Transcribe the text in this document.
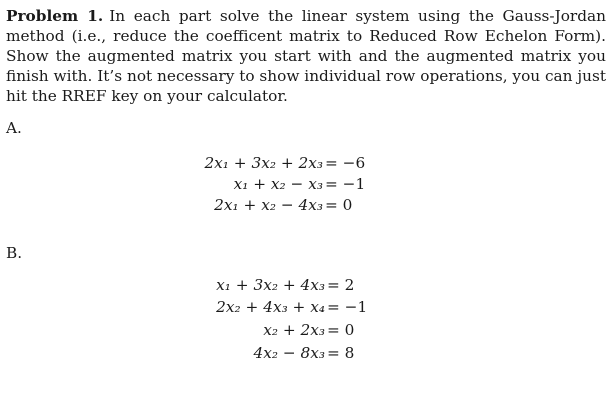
Problem 1. In each part solve the linear system using the Gauss-Jordan method (i.e., reduce the coefficent matrix to Reduced Row Echelon Form). Show the augmented matrix you start with and the augmented matrix you finish with. It’s not necessary to show individual row operations, you can just hit the RREF key on your calculator.
A.
2x₁ + 3x₂ + 2x₃ = −6
x₁ + x₂ − x₃ = −1
2x₁ + x₂ − 4x₃ = 0
B.
x₁ + 3x₂ + 4x₃ = 2
2x₂ + 4x₃ + x₄ = −1
x₂ + 2x₃ = 0
4x₂ − 8x₃ = 8
